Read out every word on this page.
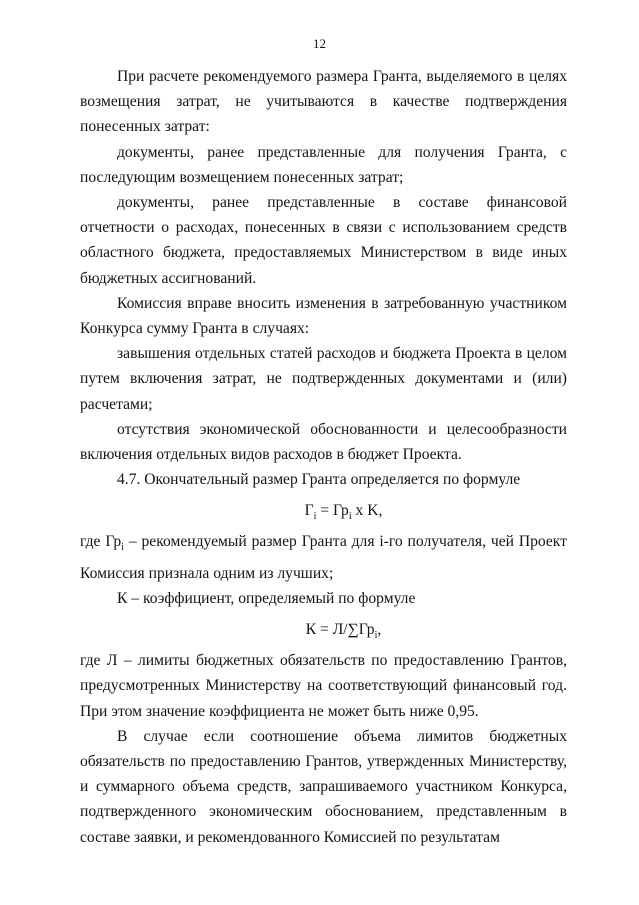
12

При расчете рекомендуемого размера Гранта, выделяемого в целях возмещения затрат, не учитываются в качестве подтверждения понесенных затрат:

документы, ранее представленные для получения Гранта, с последующим возмещением понесенных затрат;

документы, ранее представленные в составе финансовой отчетности о расходах, понесенных в связи с использованием средств областного бюджета, предоставляемых Министерством в виде иных бюджетных ассигнований.

Комиссия вправе вносить изменения в затребованную участником Конкурса сумму Гранта в случаях:

завышения отдельных статей расходов и бюджета Проекта в целом путем включения затрат, не подтвержденных документами и (или) расчетами;

отсутствия экономической обоснованности и целесообразности включения отдельных видов расходов в бюджет Проекта.

4.7. Окончательный размер Гранта определяется по формуле

$Г_i = Гр_i$ x K,

где $Гр_i$ – рекомендуемый размер Гранта для i-го получателя, чей Проект Комиссия признала одним из лучших;

К – коэффициент, определяемый по формуле

$К = Л/\sum Гр_i$,

где Л – лимиты бюджетных обязательств по предоставлению Грантов, предусмотренных Министерству на соответствующий финансовый год. При этом значение коэффициента не может быть ниже 0,95.

В случае если соотношение объема лимитов бюджетных обязательств по предоставлению Грантов, утвержденных Министерству, и суммарного объема средств, запрашиваемого участником Конкурса, подтвержденного экономическим обоснованием, представленным в составе заявки, и рекомендованного Комиссией по результатам
